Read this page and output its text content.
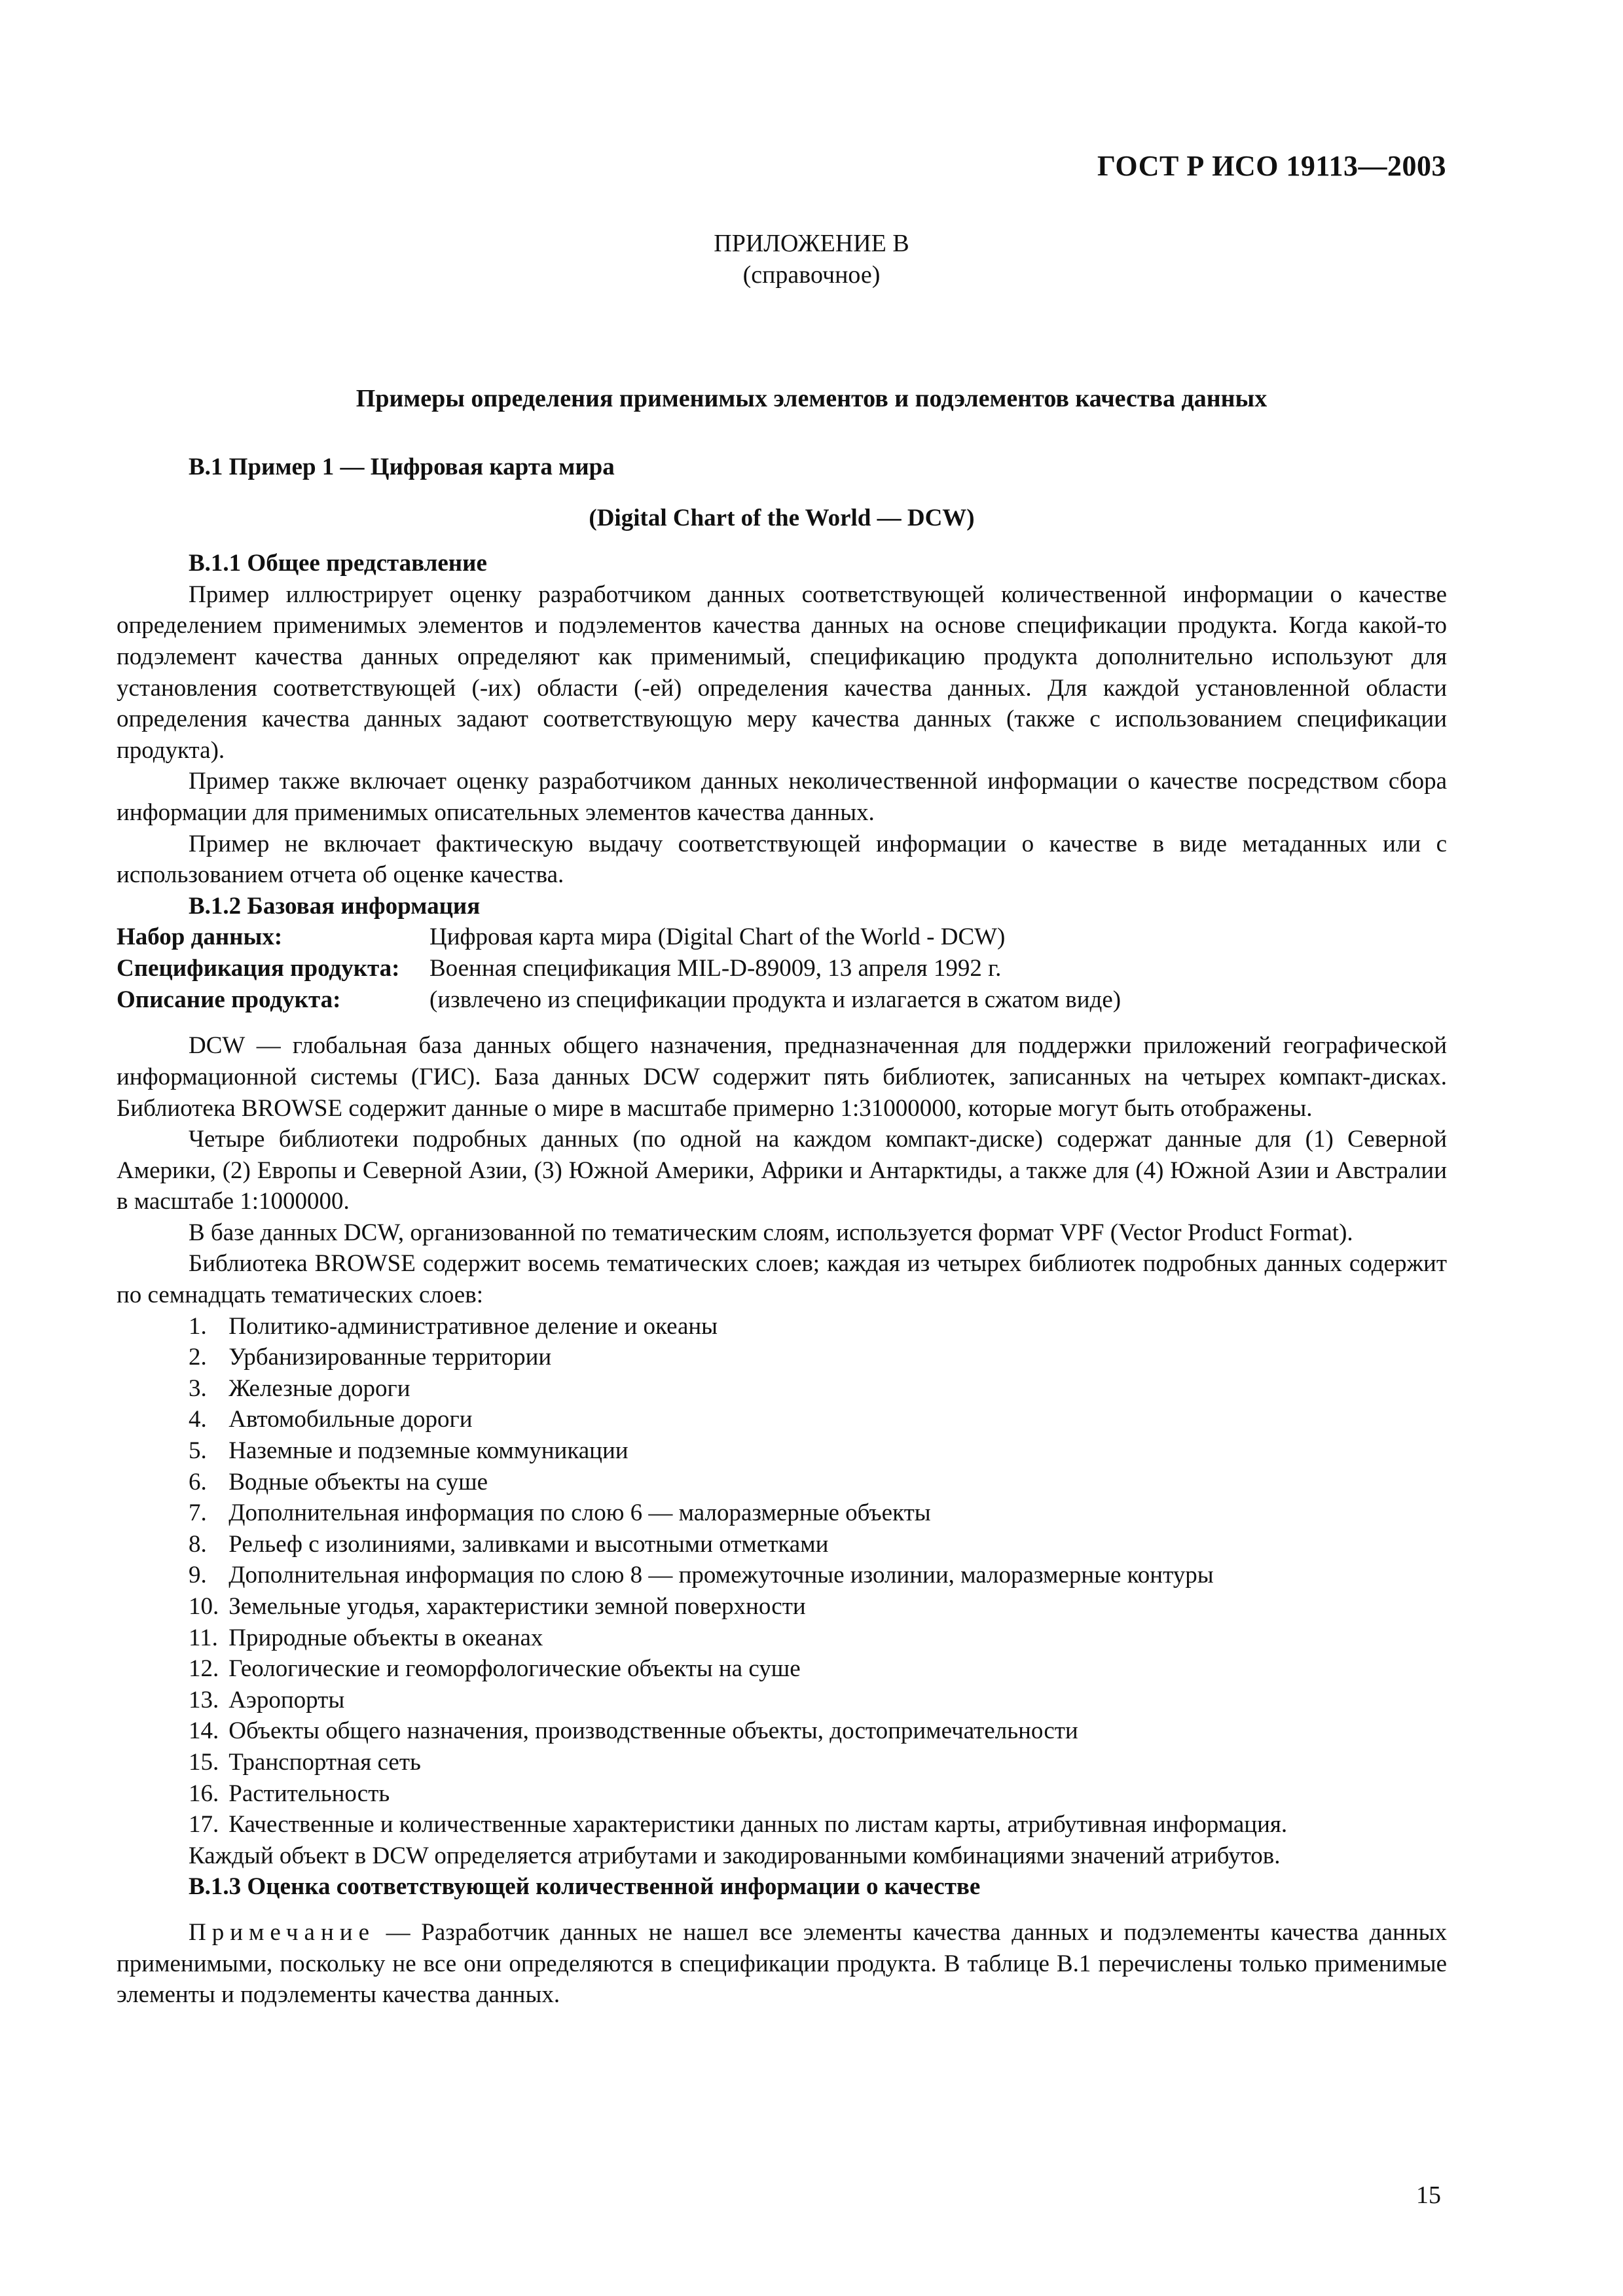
ГОСТ Р ИСО 19113—2003
ПРИЛОЖЕНИЕ В
(справочное)
Примеры определения применимых элементов и подэлементов качества данных

В.1 Пример 1 — Цифровая карта мира

(Digital Chart of the World — DCW)

В.1.1 Общее представление

Пример иллюстрирует оценку разработчиком данных соответствующей количественной информации о качестве определением применимых элементов и подэлементов качества данных на основе спецификации продукта. Когда какой-то подэлемент качества данных определяют как применимый, спецификацию продукта дополнительно используют для установления соответствующей (-их) области (-ей) определения качества данных. Для каждой установленной области определения качества данных задают соответствующую меру качества данных (также с использованием спецификации продукта).

Пример также включает оценку разработчиком данных неколичественной информации о качестве посредством сбора информации для применимых описательных элементов качества данных.

Пример не включает фактическую выдачу соответствующей информации о качестве в виде метаданных или с использованием отчета об оценке качества.

В.1.2 Базовая информация

Набор данных:	Цифровая карта мира (Digital Chart of the World - DCW)
Спецификация продукта:	Военная спецификация MIL-D-89009, 13 апреля 1992 г.
Описание продукта:	(извлечено из спецификации продукта и излагается в сжатом виде)

DCW — глобальная база данных общего назначения, предназначенная для поддержки приложений географической информационной системы (ГИС). База данных DCW содержит пять библиотек, записанных на четырех компакт-дисках. Библиотека BROWSE содержит данные о мире в масштабе примерно 1:31000000, которые могут быть отображены.

Четыре библиотеки подробных данных (по одной на каждом компакт-диске) содержат данные для (1) Северной Америки, (2) Европы и Северной Азии, (3) Южной Америки, Африки и Антарктиды, а также для (4) Южной Азии и Австралии в масштабе 1:1000000.

В базе данных DCW, организованной по тематическим слоям, используется формат VPF (Vector Product Format).

Библиотека BROWSE содержит восемь тематических слоев; каждая из четырех библиотек подробных данных содержит по семнадцать тематических слоев:

1. Политико-административное деление и океаны
2. Урбанизированные территории
3. Железные дороги
4. Автомобильные дороги
5. Наземные и подземные коммуникации
6. Водные объекты на суше
7. Дополнительная информация по слою 6 — малоразмерные объекты
8. Рельеф с изолиниями, заливками и высотными отметками
9. Дополнительная информация по слою 8 — промежуточные изолинии, малоразмерные контуры
10. Земельные угодья, характеристики земной поверхности
11. Природные объекты в океанах
12. Геологические и геоморфологические объекты на суше
13. Аэропорты
14. Объекты общего назначения, производственные объекты, достопримечательности
15. Транспортная сеть
16. Растительность
17. Качественные и количественные характеристики данных по листам карты, атрибутивная информация.

Каждый объект в DCW определяется атрибутами и закодированными комбинациями значений атрибутов.

В.1.3 Оценка соответствующей количественной информации о качестве

Примечание — Разработчик данных не нашел все элементы качества данных и подэлементы качества данных применимыми, поскольку не все они определяются в спецификации продукта. В таблице В.1 перечислены только применимые элементы и подэлементы качества данных.

15
